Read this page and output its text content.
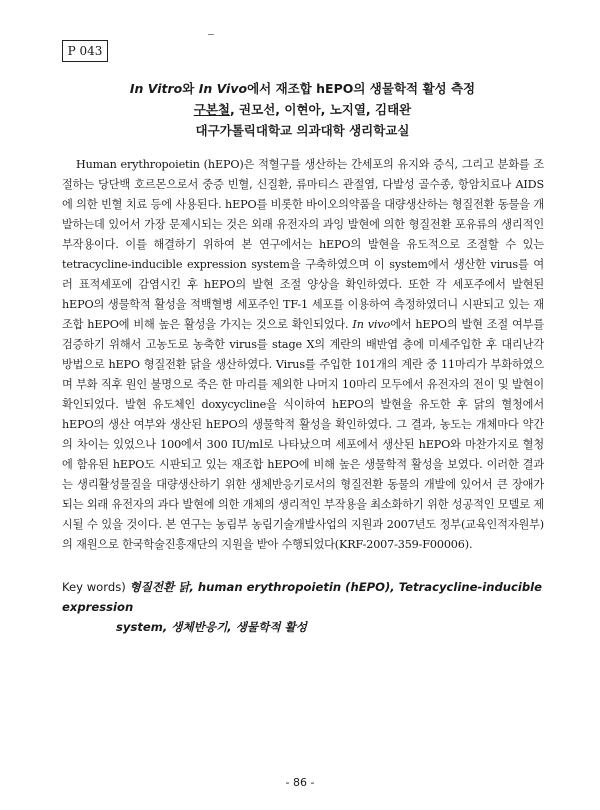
P 043
In Vitro와 In Vivo에서 재조합 hEPO의 생물학적 활성 측정
구본철, 권모선, 이현아, 노지열, 김태완
대구가톨릭대학교 의과대학 생리학교실

Human erythropoietin (hEPO)은 적혈구를 생산하는 간세포의 유지와 증식, 그리고 분화를 조절하는 당단백 호르몬으로서 중증 빈혈, 신질환, 류마티스 관절염, 다발성 골수종, 항암치료나 AIDS에 의한 빈혈 치료 등에 사용된다. hEPO를 비롯한 바이오의약품을 대량생산하는 형질전환 동물을 개발하는데 있어서 가장 문제시되는 것은 외래 유전자의 과잉 발현에 의한 형질전환 포유류의 생리적인 부작용이다. 이를 해결하기 위하여 본 연구에서는 hEPO의 발현을 유도적으로 조절할 수 있는 tetracycline-inducible expression system을 구축하였으며 이 system에서 생산한 virus를 여러 표적세포에 감염시킨 후 hEPO의 발현 조절 양상을 확인하였다. 또한 각 세포주에서 발현된 hEPO의 생물학적 활성을 적백혈병 세포주인 TF-1 세포를 이용하여 측정하였더니 시판되고 있는 재조합 hEPO에 비해 높은 활성을 가지는 것으로 확인되었다. In vivo에서 hEPO의 발현 조절 여부를 검증하기 위해서 고농도로 농축한 virus를 stage X의 계란의 배반엽 층에 미세주입한 후 대리난각 방법으로 hEPO 형질전환 닭을 생산하였다. Virus를 주입한 101개의 계란 중 11마리가 부화하였으며 부화 직후 원인 불명으로 죽은 한 마리를 제외한 나머지 10마리 모두에서 유전자의 전이 및 발현이 확인되었다. 발현 유도체인 doxycycline을 식이하여 hEPO의 발현을 유도한 후 닭의 혈청에서 hEPO의 생산 여부와 생산된 hEPO의 생물학적 활성을 확인하였다. 그 결과, 농도는 개체마다 약간의 차이는 있었으나 100에서 300 IU/ml로 나타났으며 세포에서 생산된 hEPO와 마찬가지로 혈청에 함유된 hEPO도 시판되고 있는 재조합 hEPO에 비해 높은 생물학적 활성을 보였다. 이러한 결과는 생리활성물질을 대량생산하기 위한 생체반응기로서의 형질전환 동물의 개발에 있어서 큰 장애가 되는 외래 유전자의 과다 발현에 의한 개체의 생리적인 부작용을 최소화하기 위한 성공적인 모델로 제시될 수 있을 것이다. 본 연구는 농림부 농림기술개발사업의 지원과 2007년도 정부(교육인적자원부)의 재원으로 한국학술진흥재단의 지원을 받아 수행되었다(KRF-2007-359-F00006).

Key words) 형질전환 닭, human erythropoietin (hEPO), Tetracycline-inducible expression
system, 생체반응기, 생물학적 활성

- 86 -
